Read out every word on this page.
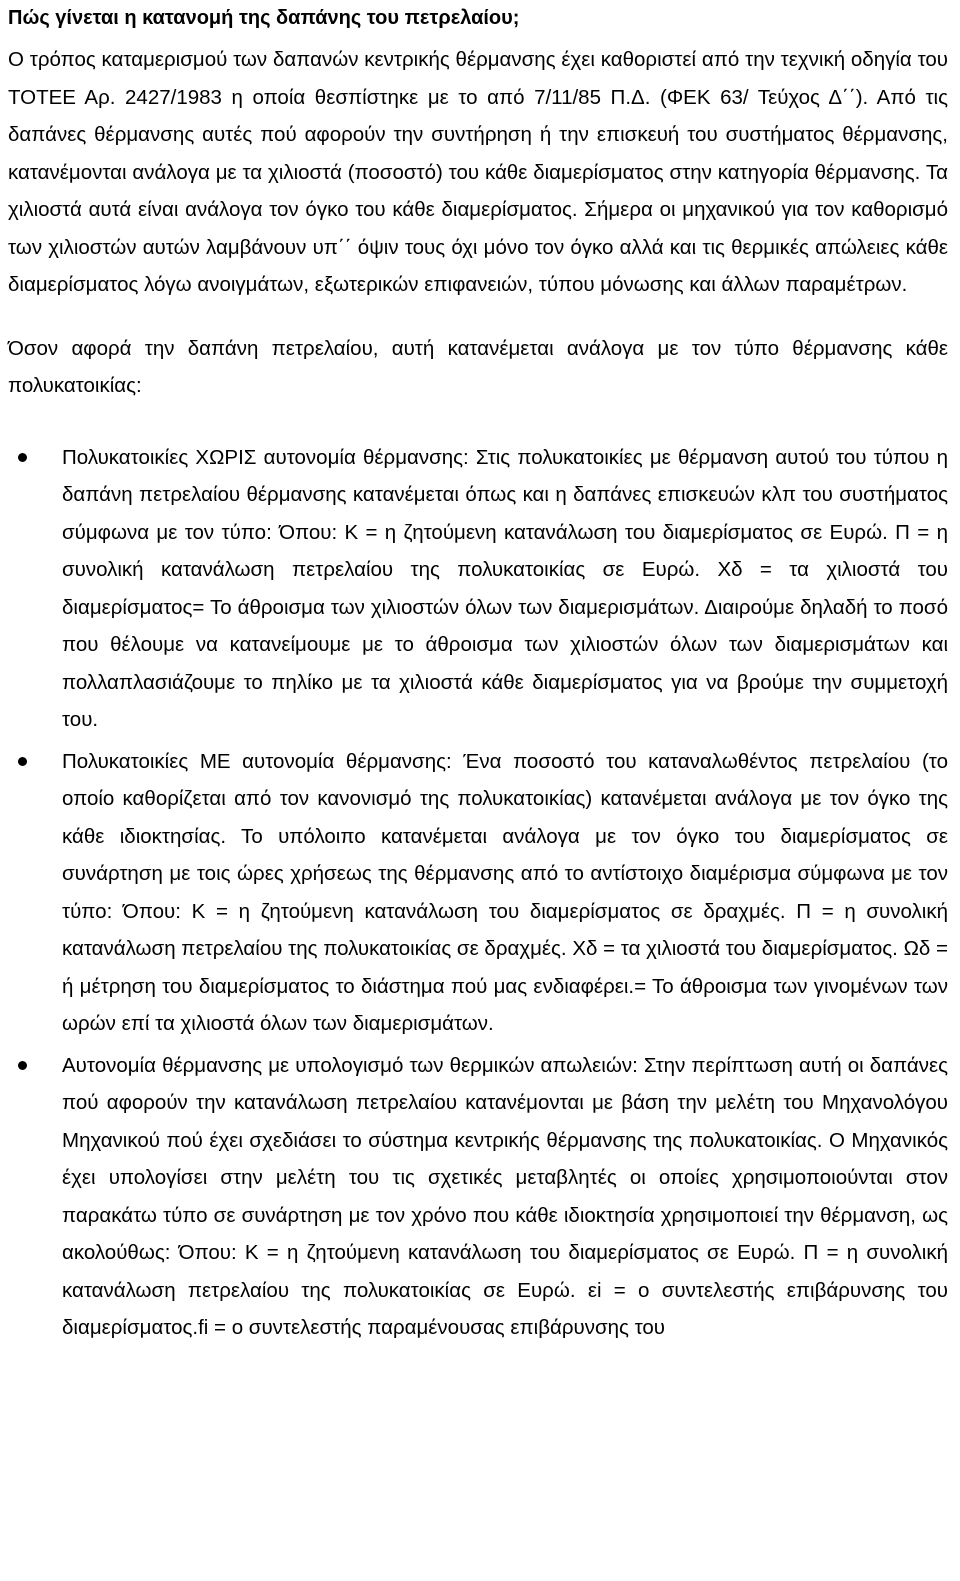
Πώς γίνεται η κατανομή της δαπάνης του πετρελαίου;

Ο τρόπος καταμερισμού των δαπανών κεντρικής θέρμανσης έχει καθοριστεί από την τεχνική οδηγία του ΤΟΤΕΕ Αρ. 2427/1983 η οποία θεσπίστηκε με το από 7/11/85 Π.Δ. (ΦΕΚ 63/ Τεύχος Δ΄΄). Από τις δαπάνες θέρμανσης αυτές πού αφορούν την συντήρηση ή την επισκευή του συστήματος θέρμανσης, κατανέμονται ανάλογα με τα χιλιοστά (ποσοστό) του κάθε διαμερίσματος στην κατηγορία θέρμανσης. Τα χιλιοστά αυτά είναι ανάλογα τον όγκο του κάθε διαμερίσματος. Σήμερα οι μηχανικού για τον καθορισμό των χιλιοστών αυτών λαμβάνουν υπ΄΄ όψιν τους όχι μόνο τον όγκο αλλά και τις θερμικές απώλειες κάθε διαμερίσματος λόγω ανοιγμάτων, εξωτερικών επιφανειών, τύπου μόνωσης και άλλων παραμέτρων.

Όσον αφορά την δαπάνη πετρελαίου, αυτή κατανέμεται ανάλογα με τον τύπο θέρμανσης κάθε πολυκατοικίας:

Πολυκατοικίες ΧΩΡΙΣ αυτονομία θέρμανσης: Στις πολυκατοικίες με θέρμανση αυτού του τύπου η δαπάνη πετρελαίου θέρμανσης κατανέμεται όπως και η δαπάνες επισκευών κλπ του συστήματος σύμφωνα με τον τύπο: Όπου: Κ = η ζητούμενη κατανάλωση του διαμερίσματος σε Ευρώ. Π = η συνολική κατανάλωση πετρελαίου της πολυκατοικίας σε Ευρώ. Χδ = τα χιλιοστά του διαμερίσματος= Το άθροισμα των χιλιοστών όλων των διαμερισμάτων. Διαιρούμε δηλαδή το ποσό που θέλουμε να κατανείμουμε με το άθροισμα των χιλιοστών όλων των διαμερισμάτων και πολλαπλασιάζουμε το πηλίκο με τα χιλιοστά κάθε διαμερίσματος για να βρούμε την συμμετοχή του.
Πολυκατοικίες ΜΕ αυτονομία θέρμανσης: Ένα ποσοστό του καταναλωθέντος πετρελαίου (το οποίο καθορίζεται από τον κανονισμό της πολυκατοικίας) κατανέμεται ανάλογα με τον όγκο της κάθε ιδιοκτησίας. Το υπόλοιπο κατανέμεται ανάλογα με τον όγκο του διαμερίσματος σε συνάρτηση με τοις ώρες χρήσεως της θέρμανσης από το αντίστοιχο διαμέρισμα σύμφωνα με τον τύπο: Όπου: Κ = η ζητούμενη κατανάλωση του διαμερίσματος σε δραχμές. Π = η συνολική κατανάλωση πετρελαίου της πολυκατοικίας σε δραχμές. Χδ = τα χιλιοστά του διαμερίσματος. Ωδ = ή μέτρηση του διαμερίσματος το διάστημα πού μας ενδιαφέρει.= Το άθροισμα των γινομένων των ωρών επί τα χιλιοστά όλων των διαμερισμάτων.
Αυτονομία θέρμανσης με υπολογισμό των θερμικών απωλειών: Στην περίπτωση αυτή οι δαπάνες πού αφορούν την κατανάλωση πετρελαίου κατανέμονται με βάση την μελέτη του Μηχανολόγου Μηχανικού πού έχει σχεδιάσει το σύστημα κεντρικής θέρμανσης της πολυκατοικίας. Ο Μηχανικός έχει υπολογίσει στην μελέτη του τις σχετικές μεταβλητές οι οποίες χρησιμοποιούνται στον παρακάτω τύπο σε συνάρτηση με τον χρόνο που κάθε ιδιοκτησία χρησιμοποιεί την θέρμανση, ως ακολούθως: Όπου: Κ = η ζητούμενη κατανάλωση του διαμερίσματος σε Ευρώ. Π = η συνολική κατανάλωση πετρελαίου της πολυκατοικίας σε Ευρώ. εi = ο συντελεστής επιβάρυνσης του διαμερίσματος.fi = ο συντελεστής παραμένουσας επιβάρυνσης του
